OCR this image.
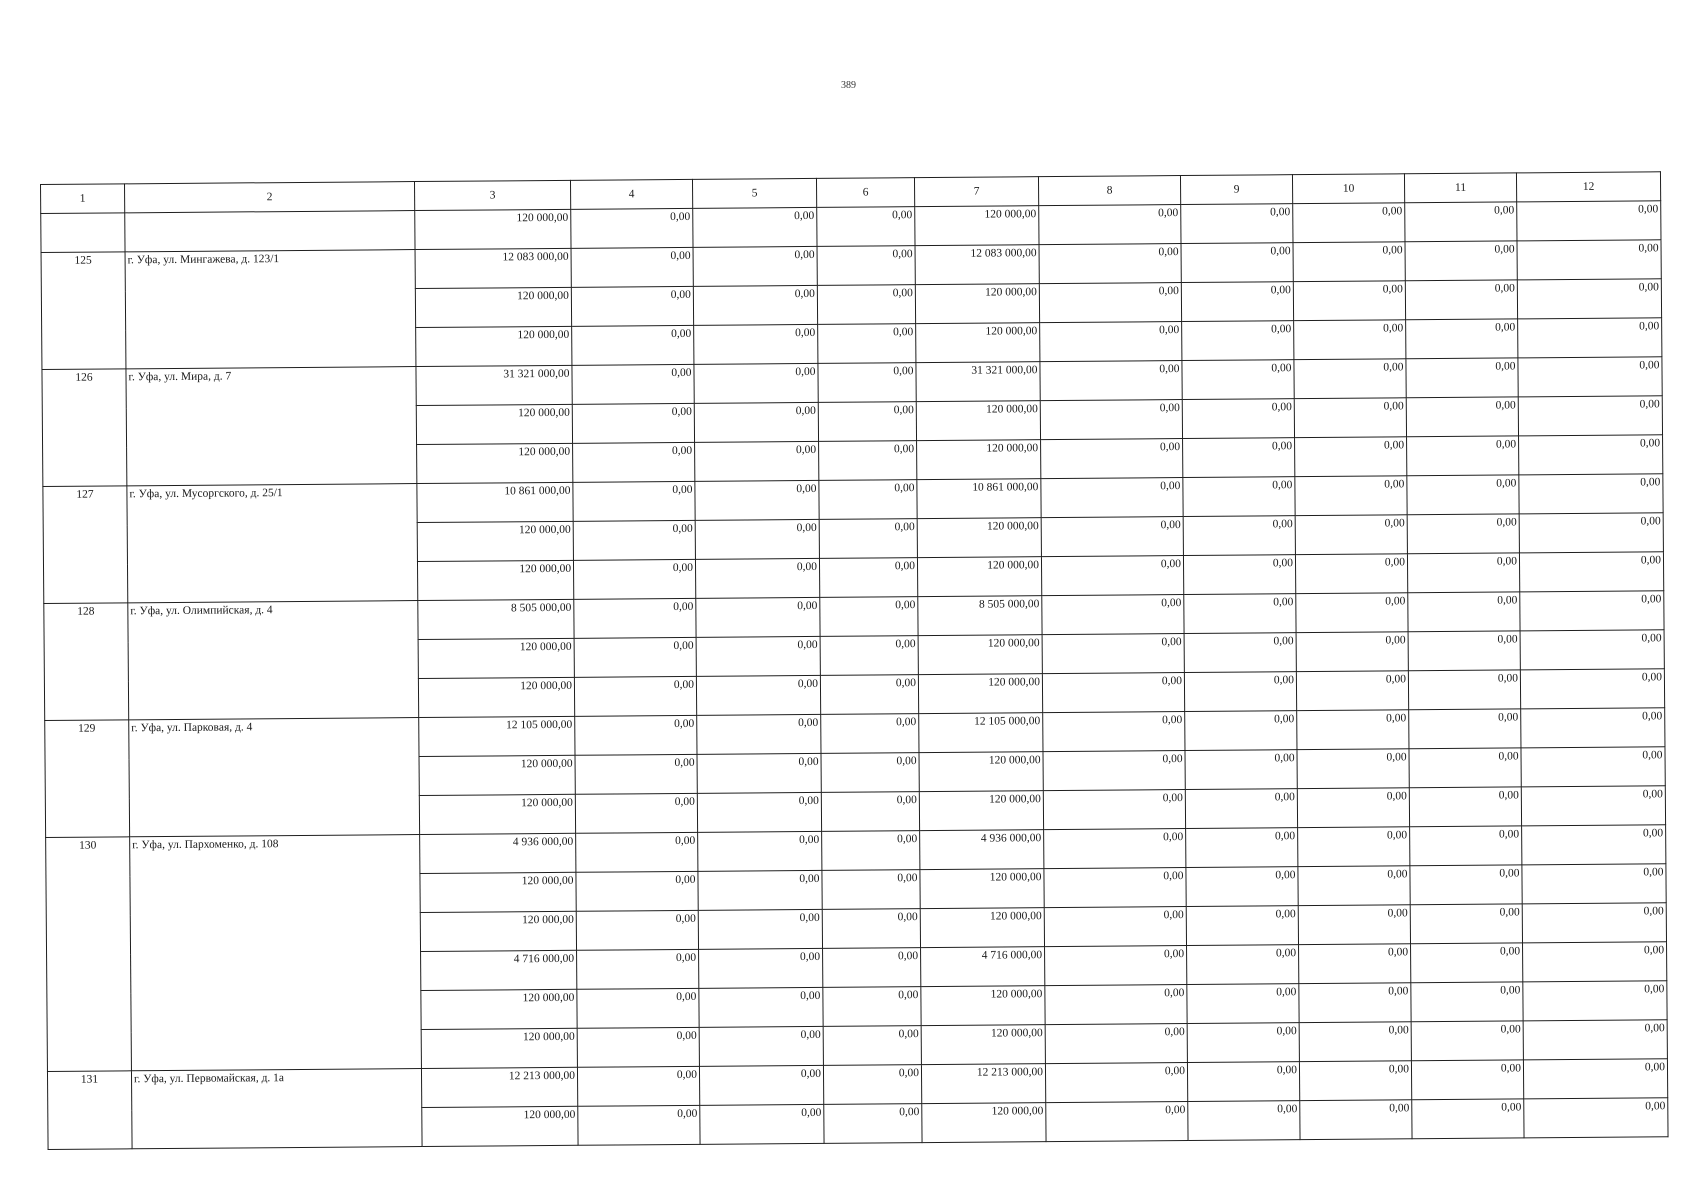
389
1	2	3	4	5	6	7	8	9	10	11	12
		120 000,00	0,00	0,00	0,00	120 000,00	0,00	0,00	0,00	0,00	0,00
125	г. Уфа, ул. Мингажева, д. 123/1	12 083 000,00	0,00	0,00	0,00	12 083 000,00	0,00	0,00	0,00	0,00	0,00
		120 000,00	0,00	0,00	0,00	120 000,00	0,00	0,00	0,00	0,00	0,00
		120 000,00	0,00	0,00	0,00	120 000,00	0,00	0,00	0,00	0,00	0,00
126	г. Уфа, ул. Мира, д. 7	31 321 000,00	0,00	0,00	0,00	31 321 000,00	0,00	0,00	0,00	0,00	0,00
		120 000,00	0,00	0,00	0,00	120 000,00	0,00	0,00	0,00	0,00	0,00
		120 000,00	0,00	0,00	0,00	120 000,00	0,00	0,00	0,00	0,00	0,00
127	г. Уфа, ул. Мусоргского, д. 25/1	10 861 000,00	0,00	0,00	0,00	10 861 000,00	0,00	0,00	0,00	0,00	0,00
		120 000,00	0,00	0,00	0,00	120 000,00	0,00	0,00	0,00	0,00	0,00
		120 000,00	0,00	0,00	0,00	120 000,00	0,00	0,00	0,00	0,00	0,00
128	г. Уфа, ул. Олимпийская, д. 4	8 505 000,00	0,00	0,00	0,00	8 505 000,00	0,00	0,00	0,00	0,00	0,00
		120 000,00	0,00	0,00	0,00	120 000,00	0,00	0,00	0,00	0,00	0,00
		120 000,00	0,00	0,00	0,00	120 000,00	0,00	0,00	0,00	0,00	0,00
129	г. Уфа, ул. Парковая, д. 4	12 105 000,00	0,00	0,00	0,00	12 105 000,00	0,00	0,00	0,00	0,00	0,00
		120 000,00	0,00	0,00	0,00	120 000,00	0,00	0,00	0,00	0,00	0,00
		120 000,00	0,00	0,00	0,00	120 000,00	0,00	0,00	0,00	0,00	0,00
130	г. Уфа, ул. Пархоменко, д. 108	4 936 000,00	0,00	0,00	0,00	4 936 000,00	0,00	0,00	0,00	0,00	0,00
		120 000,00	0,00	0,00	0,00	120 000,00	0,00	0,00	0,00	0,00	0,00
		120 000,00	0,00	0,00	0,00	120 000,00	0,00	0,00	0,00	0,00	0,00
		4 716 000,00	0,00	0,00	0,00	4 716 000,00	0,00	0,00	0,00	0,00	0,00
		120 000,00	0,00	0,00	0,00	120 000,00	0,00	0,00	0,00	0,00	0,00
		120 000,00	0,00	0,00	0,00	120 000,00	0,00	0,00	0,00	0,00	0,00
131	г. Уфа, ул. Первомайская, д. 1а	12 213 000,00	0,00	0,00	0,00	12 213 000,00	0,00	0,00	0,00	0,00	0,00
		120 000,00	0,00	0,00	0,00	120 000,00	0,00	0,00	0,00	0,00	0,00
